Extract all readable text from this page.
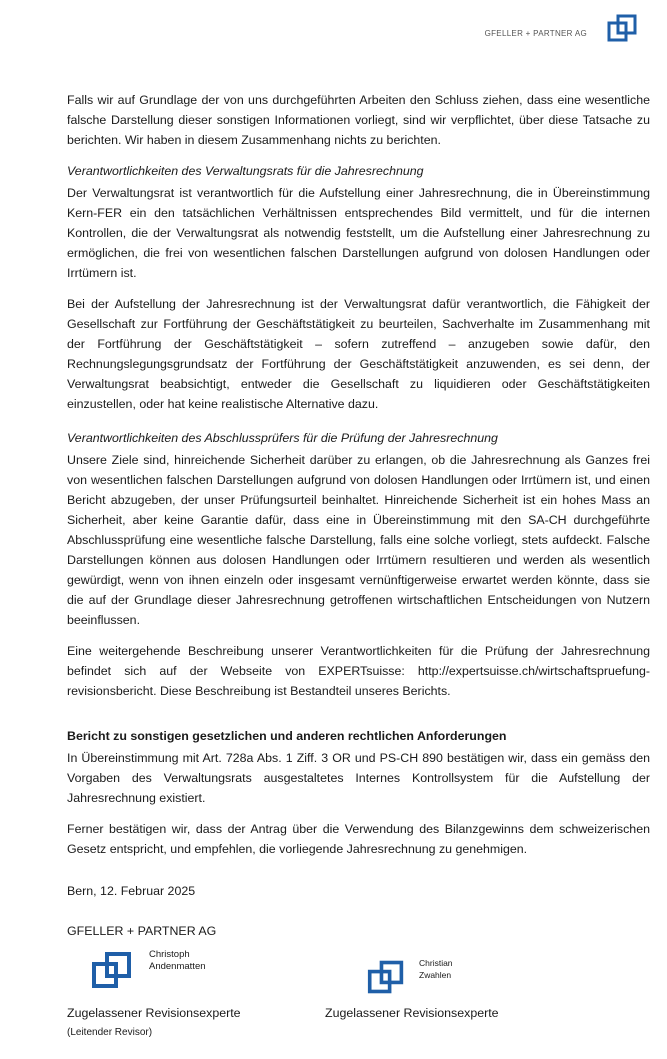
GFELLER + PARTNER AG

Falls wir auf Grundlage der von uns durchgeführten Arbeiten den Schluss ziehen, dass eine wesentliche falsche Darstellung dieser sonstigen Informationen vorliegt, sind wir verpflichtet, über diese Tatsache zu berichten. Wir haben in diesem Zusammenhang nichts zu berichten.

Verantwortlichkeiten des Verwaltungsrats für die Jahresrechnung

Der Verwaltungsrat ist verantwortlich für die Aufstellung einer Jahresrechnung, die in Übereinstimmung Kern-FER ein den tatsächlichen Verhältnissen entsprechendes Bild vermittelt, und für die internen Kontrollen, die der Verwaltungsrat als notwendig feststellt, um die Aufstellung einer Jahresrechnung zu ermöglichen, die frei von wesentlichen falschen Darstellungen aufgrund von dolosen Handlungen oder Irrtümern ist.

Bei der Aufstellung der Jahresrechnung ist der Verwaltungsrat dafür verantwortlich, die Fähigkeit der Gesellschaft zur Fortführung der Geschäftstätigkeit zu beurteilen, Sachverhalte im Zusammenhang mit der Fortführung der Geschäftstätigkeit – sofern zutreffend – anzugeben sowie dafür, den Rechnungslegungsgrundsatz der Fortführung der Geschäftstätigkeit anzuwenden, es sei denn, der Verwaltungsrat beabsichtigt, entweder die Gesellschaft zu liquidieren oder Geschäftstätigkeiten einzustellen, oder hat keine realistische Alternative dazu.

Verantwortlichkeiten des Abschlussprüfers für die Prüfung der Jahresrechnung

Unsere Ziele sind, hinreichende Sicherheit darüber zu erlangen, ob die Jahresrechnung als Ganzes frei von wesentlichen falschen Darstellungen aufgrund von dolosen Handlungen oder Irrtümern ist, und einen Bericht abzugeben, der unser Prüfungsurteil beinhaltet. Hinreichende Sicherheit ist ein hohes Mass an Sicherheit, aber keine Garantie dafür, dass eine in Übereinstimmung mit den SA-CH durchgeführte Abschlussprüfung eine wesentliche falsche Darstellung, falls eine solche vorliegt, stets aufdeckt. Falsche Darstellungen können aus dolosen Handlungen oder Irrtümern resultieren und werden als wesentlich gewürdigt, wenn von ihnen einzeln oder insgesamt vernünftigerweise erwartet werden könnte, dass sie die auf der Grundlage dieser Jahresrechnung getroffenen wirtschaftlichen Entscheidungen von Nutzern beeinflussen.

Eine weitergehende Beschreibung unserer Verantwortlichkeiten für die Prüfung der Jahresrechnung befindet sich auf der Webseite von EXPERTsuisse: http://expertsuisse.ch/wirtschaftspruefung-revisionsbericht. Diese Beschreibung ist Bestandteil unseres Berichts.

Bericht zu sonstigen gesetzlichen und anderen rechtlichen Anforderungen

In Übereinstimmung mit Art. 728a Abs. 1 Ziff. 3 OR und PS-CH 890 bestätigen wir, dass ein gemäss den Vorgaben des Verwaltungsrats ausgestaltetes Internes Kontrollsystem für die Aufstellung der Jahresrechnung existiert.

Ferner bestätigen wir, dass der Antrag über die Verwendung des Bilanzgewinns dem schweizerischen Gesetz entspricht, und empfehlen, die vorliegende Jahresrechnung zu genehmigen.

Bern, 12. Februar 2025
GFELLER + PARTNER AG
Christoph
Andenmatten
Zugelassener Revisionsexperte
(Leitender Revisor)
Christian
Zwahlen
Zugelassener Revisionsexperte
